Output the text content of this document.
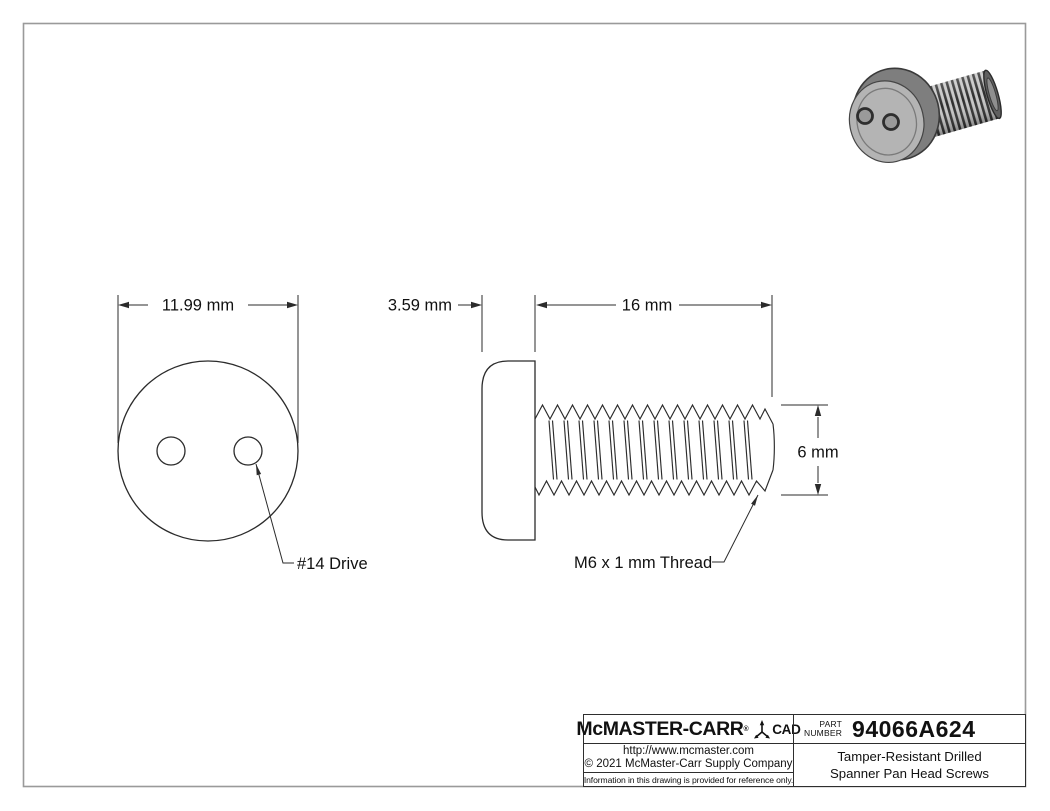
11.99 mm	3.59 mm	16 mm
6 mm
#14 Drive	M6 x 1 mm Thread
McMASTER-CARR® CAD
http://www.mcmaster.com
© 2021 McMaster-Carr Supply Company
Information in this drawing is provided for reference only.
PART
NUMBER 94066A624
Tamper-Resistant Drilled
Spanner Pan Head Screws
